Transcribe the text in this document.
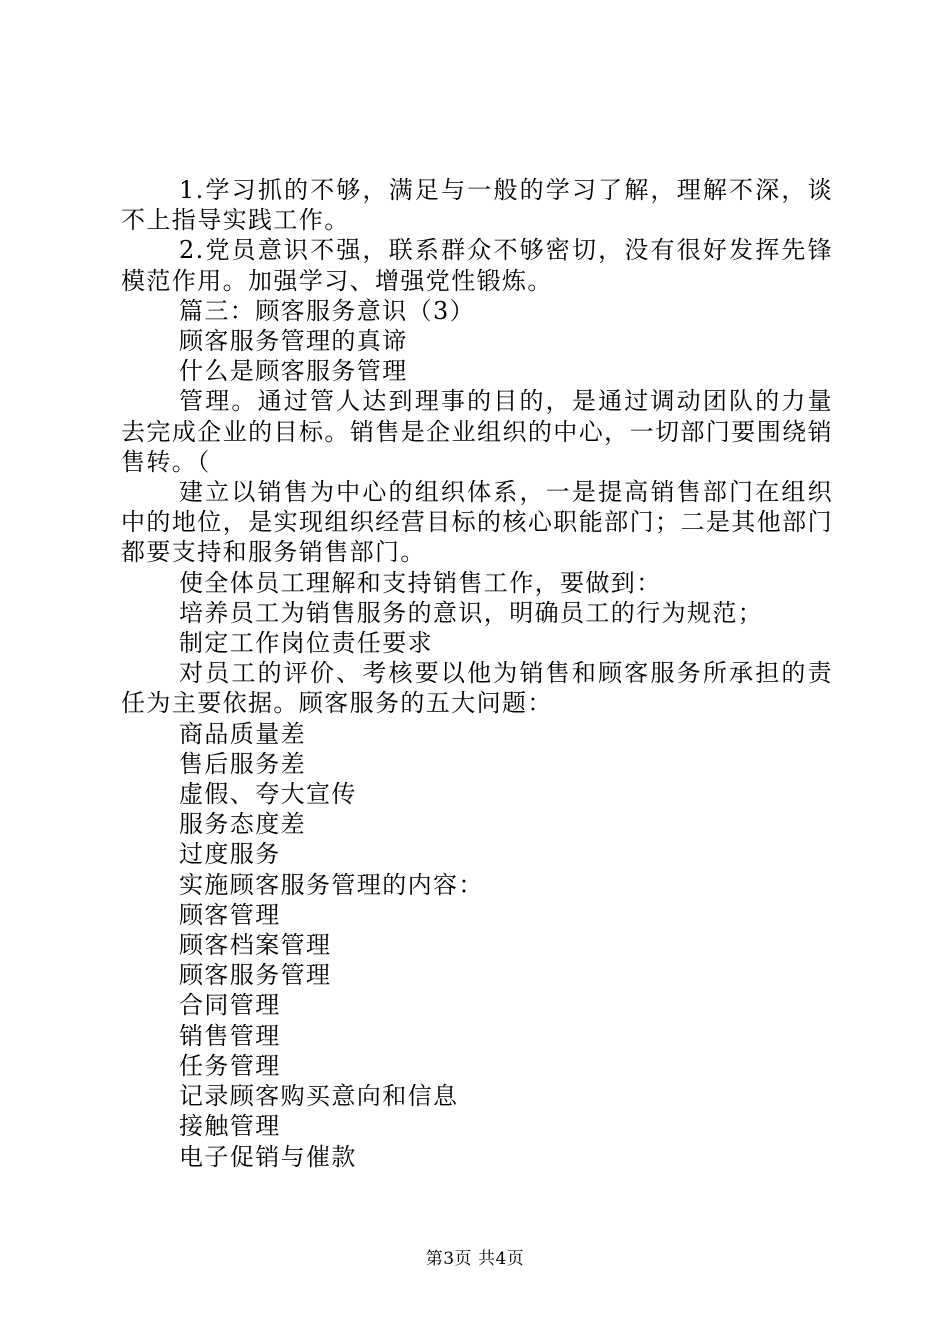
1.学习抓的不够，满足与一般的学习了解，理解不深，谈不上指导实践工作。

2.党员意识不强，联系群众不够密切，没有很好发挥先锋模范作用。加强学习、增强党性锻炼。

篇三：顾客服务意识（3）

顾客服务管理的真谛

什么是顾客服务管理

管理。通过管人达到理事的目的，是通过调动团队的力量去完成企业的目标。销售是企业组织的中心，一切部门要围绕销售转。（

建立以销售为中心的组织体系，一是提高销售部门在组织中的地位，是实现组织经营目标的核心职能部门；二是其他部门都要支持和服务销售部门。

使全体员工理解和支持销售工作，要做到：

培养员工为销售服务的意识，明确员工的行为规范；

制定工作岗位责任要求

对员工的评价、考核要以他为销售和顾客服务所承担的责任为主要依据。顾客服务的五大问题：

商品质量差

售后服务差

虚假、夸大宣传

服务态度差

过度服务

实施顾客服务管理的内容：

顾客管理

顾客档案管理

顾客服务管理

合同管理

销售管理

任务管理

记录顾客购买意向和信息

接触管理

电子促销与催款

第3页 共4页
